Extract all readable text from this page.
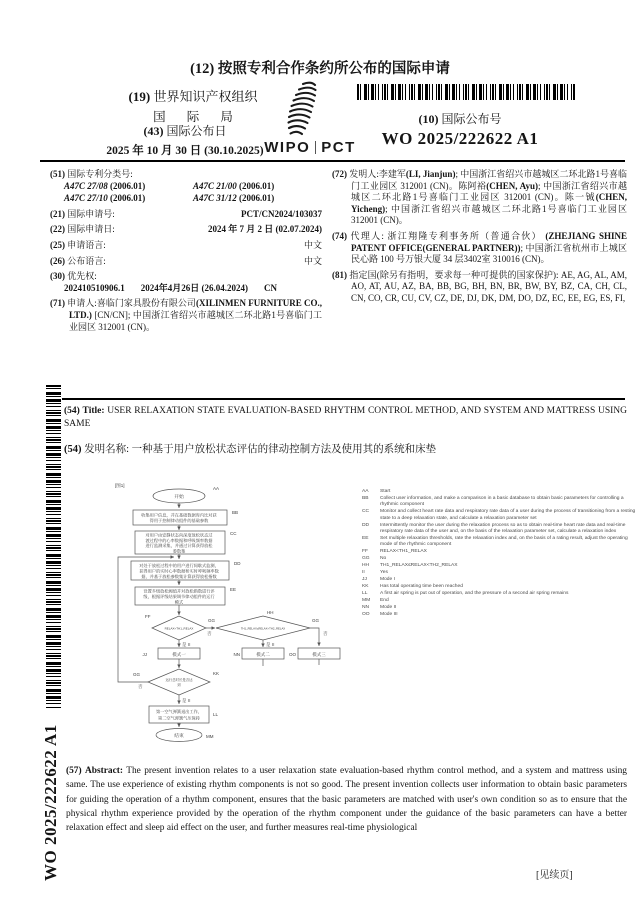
(12) 按照专利合作条约所公布的国际申请
(19) 世界知识产权组织
国 际 局
(43) 国际公布日
2025 年 10 月 30 日 (30.10.2025) WIPO PCT
(10) 国际公布号
WO 2025/222622 A1
(51) 国际专利分类号:
A47C 27/08 (2006.01)	A47C 21/00 (2006.01)
A47C 27/10 (2006.01)	A47C 31/12 (2006.01)
(21) 国际申请号:	PCT/CN2024/103037
(22) 国际申请日:	2024 年 7 月 2 日 (02.07.2024)
(25) 申请语言:	中文
(26) 公布语言:	中文
(30) 优先权:
202410510906.1 2024年4月26日 (26.04.2024) CN
(71) 申请人:喜临门家具股份有限公司(XILINMEN FURNITURE CO., LTD.) [CN/CN]; 中国浙江省绍兴市越城区二环北路1号喜临门工业园区 312001 (CN)。
(72) 发明人:李建军(LI, Jianjun); 中国浙江省绍兴市越城区二环北路1号喜临门工业园区 312001 (CN)。陈阿裕(CHEN, Ayu); 中国浙江省绍兴市越城区二环北路1号喜临门工业园区 312001 (CN)。陈一铖(CHEN, Yicheng); 中国浙江省绍兴市越城区二环北路1号喜临门工业园区 312001 (CN)。
(74) 代理人: 浙江翔隆专利事务所（普通合伙） (ZHEJIANG SHINE PATENT OFFICE(GENERAL PARTNER)); 中国浙江省杭州市上城区民心路 100 号万银大厦 34 层3402室 310016 (CN)。
(81) 指定国(除另有指明，要求每一种可提供的国家保护): AE, AG, AL, AM, AO, AT, AU, AZ, BA, BB, BG, BH, BN, BR, BW, BY, BZ, CA, CH, CL, CN, CO, CR, CU, CV, CZ, DE, DJ, DK, DM, DO, DZ, EC, EE, EG, ES, FI,
(54) Title: USER RELAXATION STATE EVALUATION-BASED RHYTHM CONTROL METHOD, AND SYSTEM AND MATTRESS USING SAME
(54) 发明名称: 一种基于用户放松状态评估的律动控制方法及使用其的系统和床垫
[图1]
AA
开始
收集用户信息，并在基础数据库内比对获
得用于控制律动组件的基础参数
BB
对用户由安静状态向深度放松状态过
渡过程中的心率数据和呼吸频率数据
进行监测采集，并通过计算获得放松
参数集
CC
对处于放松过程中的用户进行间歇式监测，
获得用户的实时心率数据和实时呼吸频率数
据，并基于放松参数集计算获得放松指数
DD
设置多级放松阈值并对放松指数进行评
级，根据评级结果调节律动组件的运行
模式
EE
RELAX<TH1_RELAX
FF
GG
否
TH1_RELAX≤RELAX<TH2_RELAX
HH
GG
否
是 II	是 II
模式一
JJ	模式二
NN	模式三
OO
运行总时长是否达
到
KK
GG
否
是 II
第一空气弹簧退出工作，
第二空气弹簧气压保持
LL
结束	MM
AA	Start
BB	Collect user information, and make a comparison in a basic database to obtain basic parameters for controlling a rhythmic component
CC	Monitor and collect heart rate data and respiratory rate data of a user during the process of transitioning from a resting state to a deep relaxation state, and calculate a relaxation parameter set
DD	Intermittently monitor the user during the relaxation process so as to obtain real-time heart rate data and real-time respiratory rate data of the user and, on the basis of the relaxation parameter set, calculate a relaxation index
EE	Set multiple relaxation thresholds, rate the relaxation index and, on the basis of a rating result, adjust the operating mode of the rhythmic component
FF	RELAX<TH1_RELAX
GG	No
HH	TH1_RELAX≤RELAX<TH2_RELAX
II	Yes
JJ	Mode I
KK	Has total operating time been reached
LL	A first air spring is put out of operation, and the pressure of a second air spring remains
MM	End
NN	Mode II
OO	Mode III
(57) Abstract: The present invention relates to a user relaxation state evaluation-based rhythm control method, and a system and mattress using same. The use experience of existing rhythm components is not so good. The present invention collects user information to obtain basic parameters for guiding the operation of a rhythm component, ensures that the basic parameters are matched with user's own condition so as to ensure that the physical rhythm experience provided by the operation of the rhythm component under the guidance of the basic parameters can have a better relaxation effect and sleep aid effect on the user, and further measures real-time physiological
[见续页]
WO 2025/222622 A1
